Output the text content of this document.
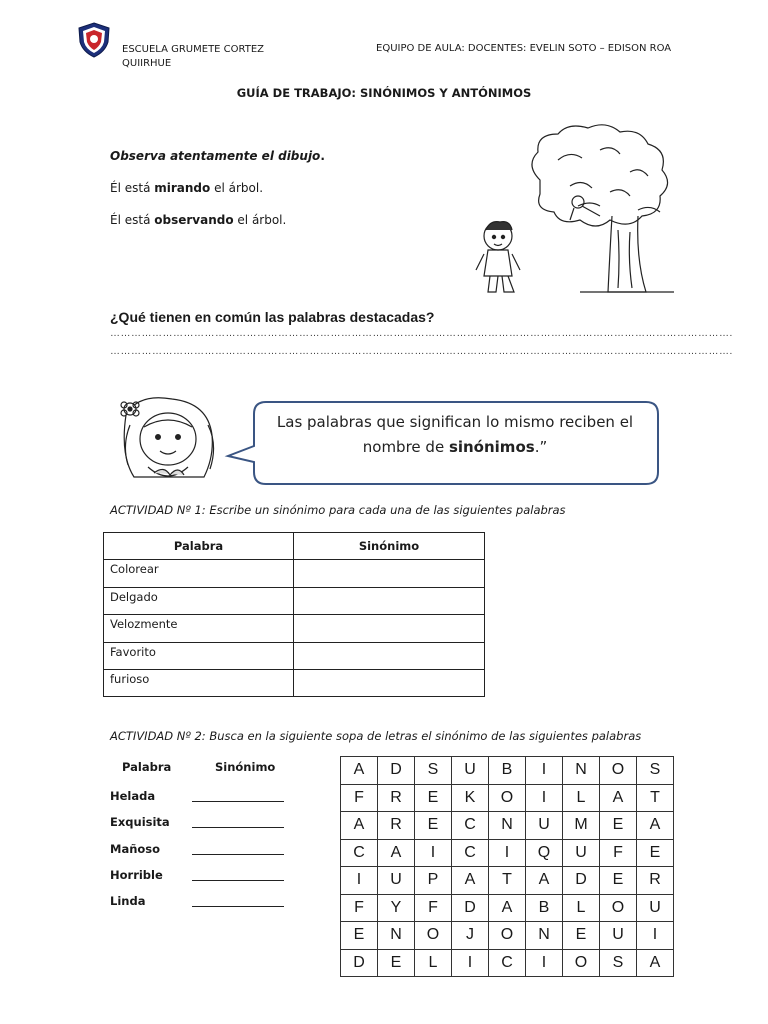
ESCUELA GRUMETE CORTEZ
QUIIRHUE
EQUIPO DE AULA: DOCENTES: EVELIN SOTO – EDISON ROA
GUÍA DE TRABAJO: SINÓNIMOS Y ANTÓNIMOS
Observa atentamente el dibujo.
Él está mirando el árbol.
Él está observando el árbol.
¿Qué tienen en común las palabras destacadas?
…………………………………………………………………………………………………………………………………………………………….
…………………………………………………………………………………………………………………………………………………………….
Las palabras que significan lo mismo reciben el
nombre de sinónimos.”
ACTIVIDAD Nº 1: Escribe un sinónimo para cada una de las siguientes palabras
Palabra	Sinónimo
Colorear	
Delgado	
Velozmente	
Favorito	
furioso	
ACTIVIDAD Nº 2: Busca en la siguiente sopa de letras el sinónimo de las siguientes palabras
Palabra	Sinónimo
Helada
Exquisita
Mañoso
Horrible
Linda
A	D	S	U	B	I	N	O	S
F	R	E	K	O	I	L	A	T
A	R	E	C	N	U	M	E	A
C	A	I	C	I	Q	U	F	E
I	U	P	A	T	A	D	E	R
F	Y	F	D	A	B	L	O	U
E	N	O	J	O	N	E	U	I
D	E	L	I	C	I	O	S	A
